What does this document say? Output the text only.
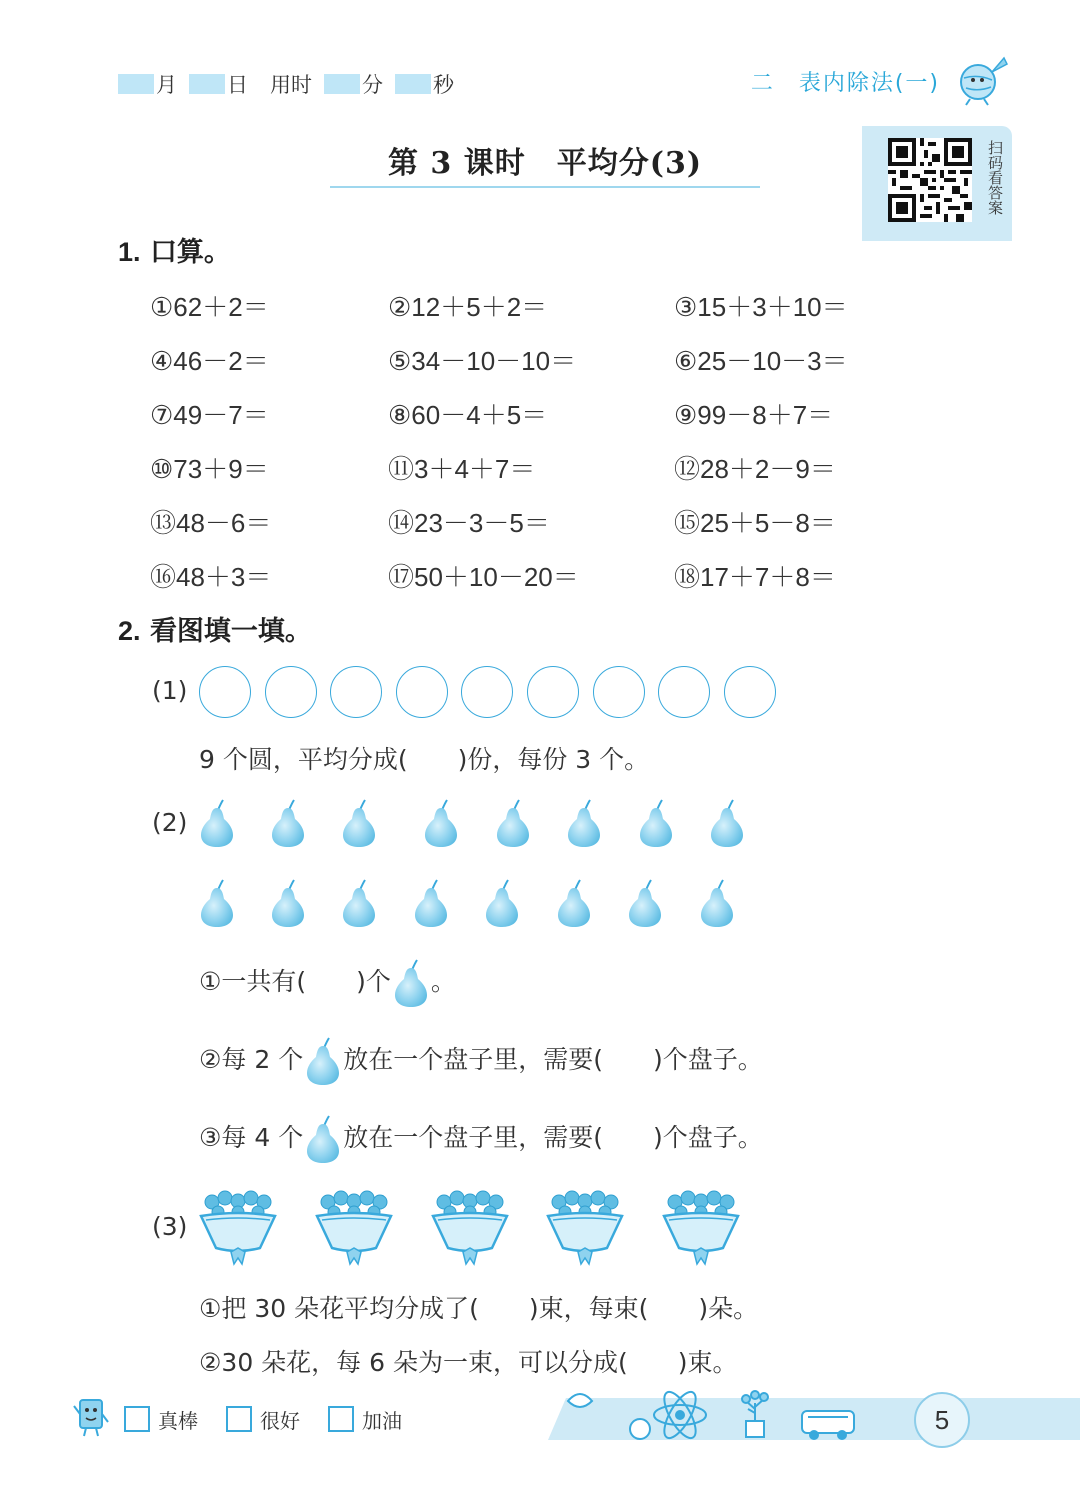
月 日 用时 分 秒	二　表内除法(一)
扫码看答案
第 3 课时　平均分(3)
1. 口算。
①62＋2＝	②12＋5＋2＝	③15＋3＋10＝
④46－2＝	⑤34－10－10＝	⑥25－10－3＝
⑦49－7＝	⑧60－4＋5＝	⑨99－8＋7＝
⑩73＋9＝	⑪3＋4＋7＝	⑫28＋2－9＝
⑬48－6＝	⑭23－3－5＝	⑮25＋5－8＝
⑯48＋3＝	⑰50＋10－20＝	⑱17＋7＋8＝
2. 看图填一填。
(1)
9 个圆，平均分成(　　)份，每份 3 个。
(2)
①一共有(　　)个 。
②每 2 个 放在一个盘子里，需要(　　)个盘子。
③每 4 个 放在一个盘子里，需要(　　)个盘子。
(3)
①把 30 朵花平均分成了(　　)束，每束(　　)朵。
②30 朵花，每 6 朵为一束，可以分成(　　)束。
5
真棒	很好	加油
